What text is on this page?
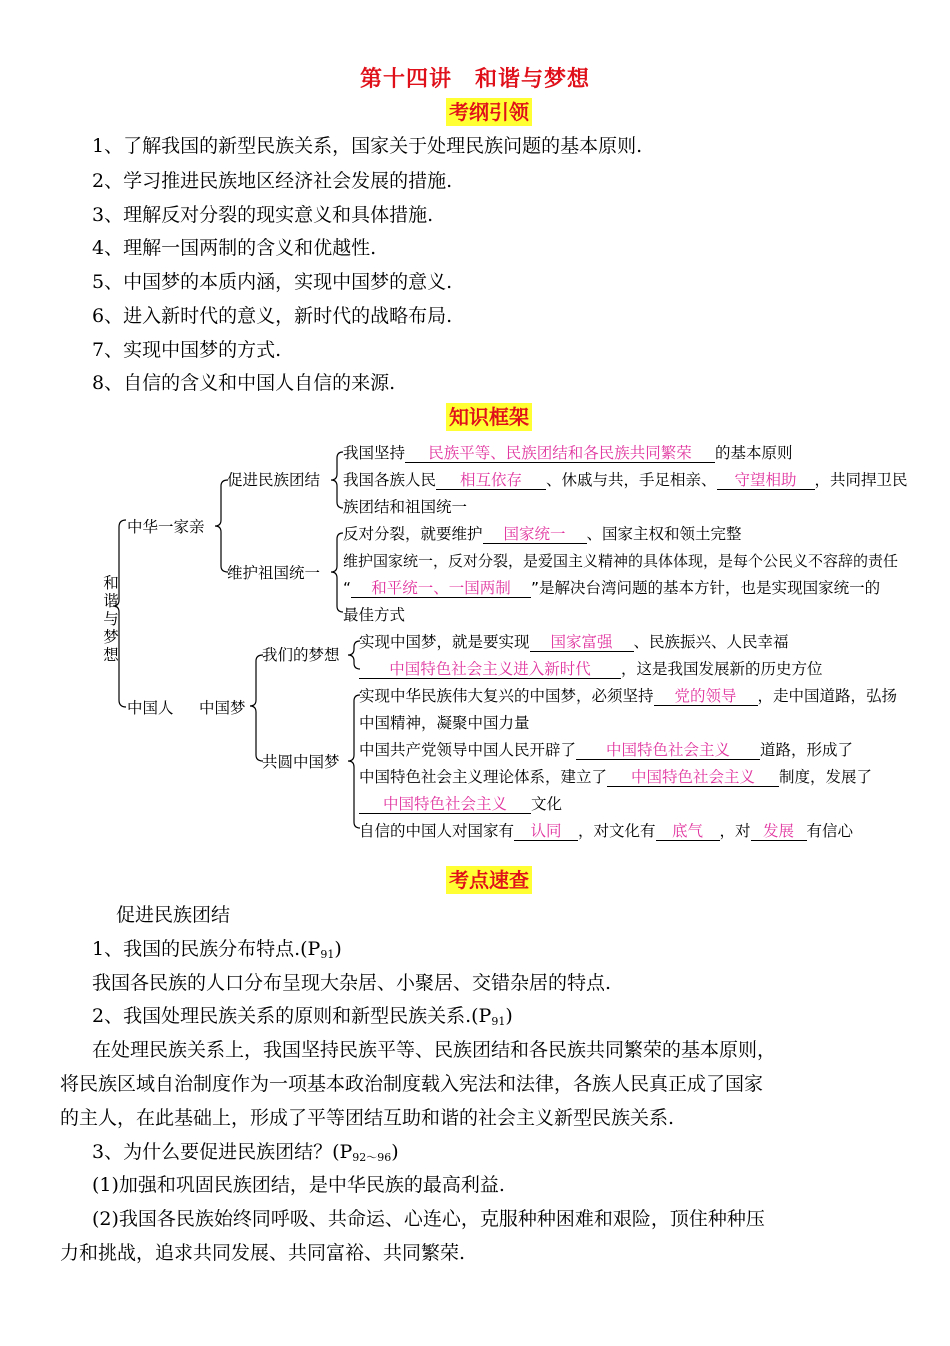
第十四讲　和谐与梦想
考纲引领
1、了解我国的新型民族关系，国家关于处理民族问题的基本原则.
2、学习推进民族地区经济社会发展的措施.
3、理解反对分裂的现实意义和具体措施.
4、理解一国两制的含义和优越性.
5、中国梦的本质内涵，实现中国梦的意义.
6、进入新时代的意义，新时代的战略布局.
7、实现中国梦的方式.
8、自信的含义和中国人自信的来源.
知识框架
和
谐
与
梦
想
中华一家亲
中国人 中国梦
促进民族团结
维护祖国统一
我们的梦想
共圆中国梦
我国坚持 民族平等、民族团结和各民族共同繁荣 的基本原则
我国各族人民 相互依存 、休戚与共，手足相亲、 守望相助 ，共同捍卫民
族团结和祖国统一
反对分裂，就要维护 国家统一 、国家主权和领土完整
维护国家统一，反对分裂，是爱国主义精神的具体体现，是每个公民义不容辞的责任
“ 和平统一、一国两制 ”是解决台湾问题的基本方针，也是实现国家统一的
最佳方式
实现中国梦，就是要实现 国家富强 、民族振兴、人民幸福
中国特色社会主义进入新时代 ，这是我国发展新的历史方位
实现中华民族伟大复兴的中国梦，必须坚持 党的领导 ，走中国道路，弘扬
中国精神，凝聚中国力量
中国共产党领导中国人民开辟了 中国特色社会主义 道路，形成了
中国特色社会主义理论体系，建立了 中国特色社会主义 制度，发展了
中国特色社会主义 文化
自信的中国人对国家有 认同 ，对文化有 底气 ，对 发展 有信心
考点速查
促进民族团结
1、我国的民族分布特点$.(P_{91})$
我国各民族的人口分布呈现大杂居、小聚居、交错杂居的特点.
2、我国处理民族关系的原则和新型民族关系$.(P_{91})$
在处理民族关系上，我国坚持民族平等、民族团结和各民族共同繁荣的基本原则，
将民族区域自治制度作为一项基本政治制度载入宪法和法律，各族人民真正成了国家
的主人，在此基础上，形成了平等团结互助和谐的社会主义新型民族关系.
3、为什么要促进民族团结？$(P_{92\sim 96})$
(1)加强和巩固民族团结，是中华民族的最高利益.
(2)我国各民族始终同呼吸、共命运、心连心，克服种种困难和艰险，顶住种种压
力和挑战，追求共同发展、共同富裕、共同繁荣.
